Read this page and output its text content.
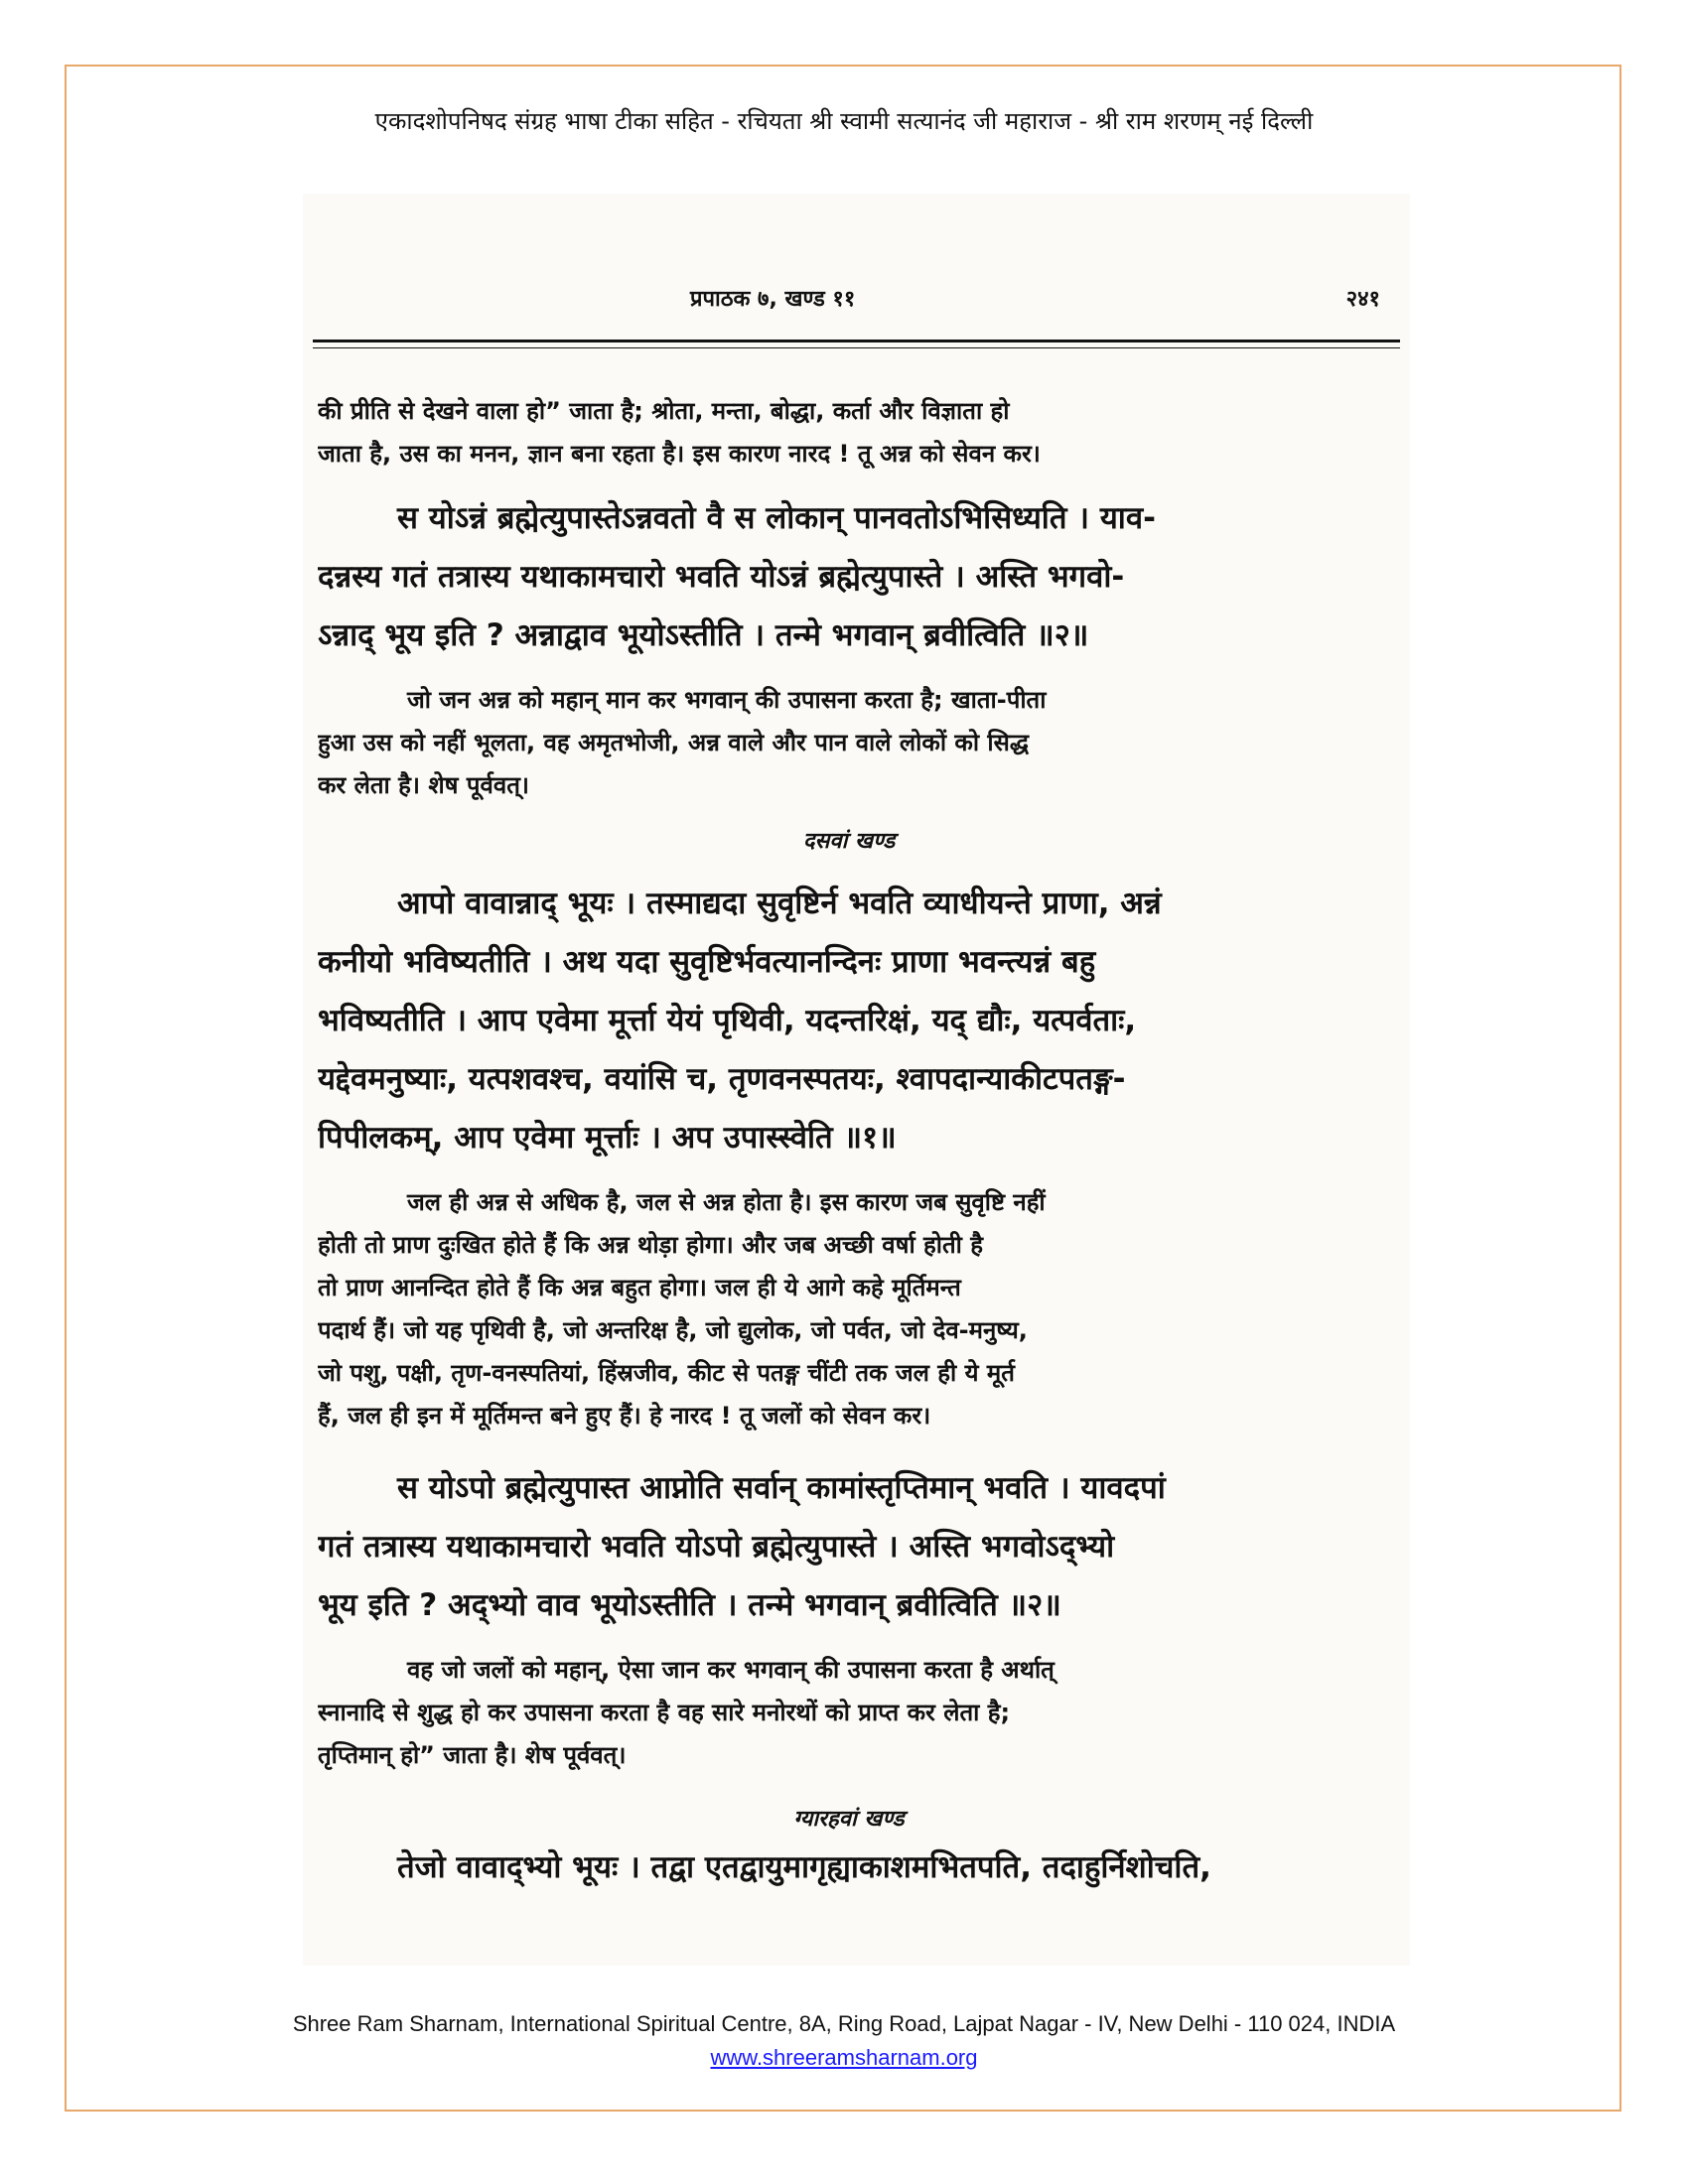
एकादशोपनिषद संग्रह भाषा टीका सहित - रचियता श्री स्वामी सत्यानंद जी महाराज - श्री राम शरणम् नई दिल्ली
प्रपाठक ७, खण्ड ११	२४१

की प्रीति से देखने वाला हो” जाता है; श्रोता, मन्ता, बोद्धा, कर्ता और विज्ञाता हो

जाता है, उस का मनन, ज्ञान बना रहता है। इस कारण नारद ! तू अन्न को सेवन कर।

स योऽन्नं ब्रह्मेत्युपास्तेऽन्नवतो वै स लोकान् पानवतोऽभिसिध्यति । याव-

दन्नस्य गतं तत्रास्य यथाकामचारो भवति योऽन्नं ब्रह्मेत्युपास्ते । अस्ति भगवो-

ऽन्नाद् भूय इति ? अन्नाद्वाव भूयोऽस्तीति । तन्मे भगवान् ब्रवीत्विति ॥२॥

जो जन अन्न को महान् मान कर भगवान् की उपासना करता है; खाता-पीता

हुआ उस को नहीं भूलता, वह अमृतभोजी, अन्न वाले और पान वाले लोकों को सिद्ध

कर लेता है। शेष पूर्ववत्।

दसवां खण्ड

आपो वावान्नाद् भूयः । तस्माद्यदा सुवृष्टिर्न भवति व्याधीयन्ते प्राणा, अन्नं

कनीयो भविष्यतीति । अथ यदा सुवृष्टिर्भवत्यानन्दिनः प्राणा भवन्त्यन्नं बहु

भविष्यतीति । आप एवेमा मूर्त्ता येयं पृथिवी, यदन्तरिक्षं, यद् द्यौः, यत्पर्वताः,

यद्देवमनुष्याः, यत्पशवश्च, वयांसि च, तृणवनस्पतयः, श्वापदान्याकीटपतङ्ग-

पिपीलकम्, आप एवेमा मूर्त्ताः । अप उपास्स्वेति ॥१॥

जल ही अन्न से अधिक है, जल से अन्न होता है। इस कारण जब सुवृष्टि नहीं

होती तो प्राण दुःखित होते हैं कि अन्न थोड़ा होगा। और जब अच्छी वर्षा होती है

तो प्राण आनन्दित होते हैं कि अन्न बहुत होगा। जल ही ये आगे कहे मूर्तिमन्त

पदार्थ हैं। जो यह पृथिवी है, जो अन्तरिक्ष है, जो द्युलोक, जो पर्वत, जो देव-मनुष्य,

जो पशु, पक्षी, तृण-वनस्पतियां, हिंस्रजीव, कीट से पतङ्ग चींटी तक जल ही ये मूर्त

हैं, जल ही इन में मूर्तिमन्त बने हुए हैं। हे नारद ! तू जलों को सेवन कर।

स योऽपो ब्रह्मेत्युपास्त आप्नोति सर्वान् कामांस्तृप्तिमान् भवति । यावदपां

गतं तत्रास्य यथाकामचारो भवति योऽपो ब्रह्मेत्युपास्ते । अस्ति भगवोऽद्भ्यो

भूय इति ? अद्भ्यो वाव भूयोऽस्तीति । तन्मे भगवान् ब्रवीत्विति ॥२॥

वह जो जलों को महान्, ऐसा जान कर भगवान् की उपासना करता है अर्थात्

स्नानादि से शुद्ध हो कर उपासना करता है वह सारे मनोरथों को प्राप्त कर लेता है;

तृप्तिमान् हो” जाता है। शेष पूर्ववत्।

ग्यारहवां खण्ड

तेजो वावाद्भ्यो भूयः । तद्वा एतद्वायुमागृह्याकाशमभितपति, तदाहुर्निशोचति,

Shree Ram Sharnam, International Spiritual Centre, 8A, Ring Road, Lajpat Nagar - IV, New Delhi - 110 024, INDIA
www.shreeramsharnam.org
